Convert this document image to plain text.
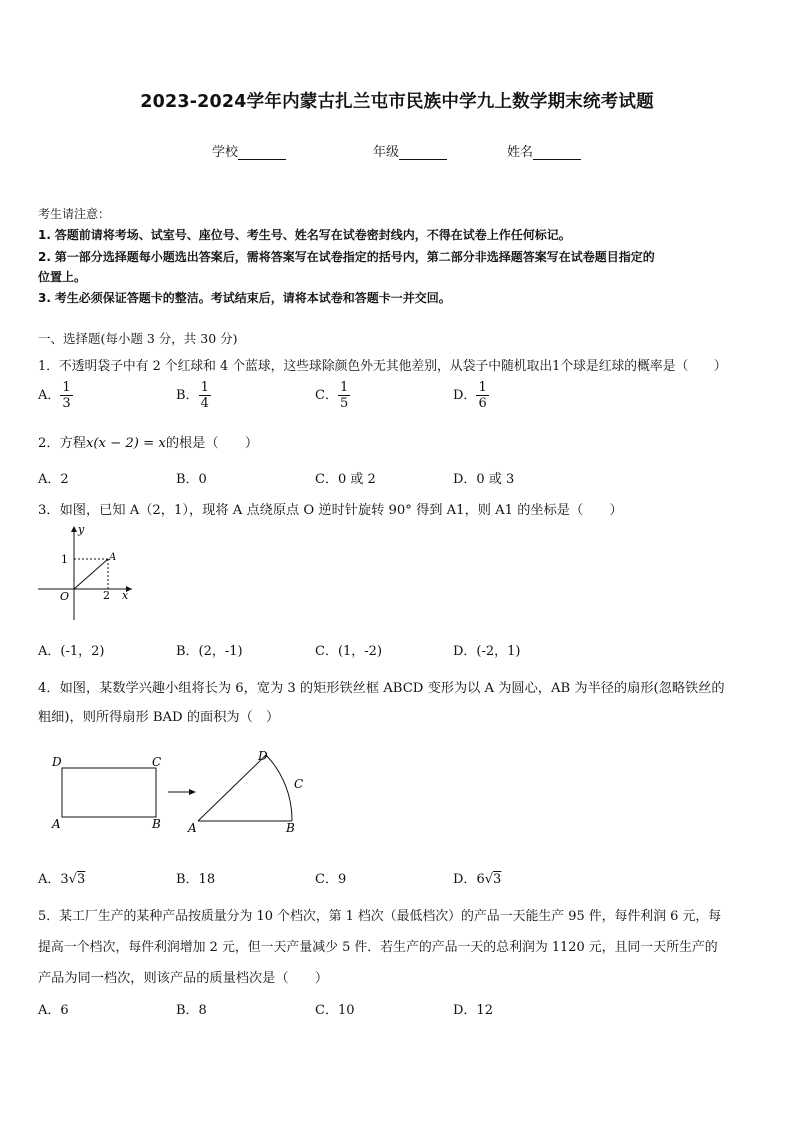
2023-2024学年内蒙古扎兰屯市民族中学九上数学期末统考试题
学校	年级	姓名
考生请注意：
1. 答题前请将考场、试室号、座位号、考生号、姓名写在试卷密封线内，不得在试卷上作任何标记。
2. 第一部分选择题每小题选出答案后，需将答案写在试卷指定的括号内，第二部分非选择题答案写在试卷题目指定的
位置上。
3. 考生必须保证答题卡的整洁。考试结束后，请将本试卷和答题卡一并交回。
一、选择题(每小题 3 分，共 30 分)
1．不透明袋子中有 2 个红球和 4 个蓝球，这些球除颜色外无其他差别，从袋子中随机取出1个球是红球的概率是（　　）
A． $\frac{1}{3}$	B． $\frac{1}{4}$	C． $\frac{1}{5}$	D． $\frac{1}{6}$
2．方程x(x − 2) = x的根是（　　）
A．2	B．0	C．0 或 2	D．0 或 3
3．如图，已知 A（2，1），现将 A 点绕原点 O 逆时针旋转 90° 得到 A1，则 A1 的坐标是（　　）
y
x
O
A
1
2
A．(-1，2)	B．(2，-1)	C．(1，-2)	D．(-2，1)
4．如图，某数学兴趣小组将长为 6，宽为 3 的矩形铁丝框 ABCD 变形为以 A 为圆心，AB 为半径的扇形(忽略铁丝的
粗细)，则所得扇形 BAD 的面积为（　）
D	C
A	B A	B
D
C
A．3√3	B．18	C．9	D．6√3
5．某工厂生产的某种产品按质量分为 10 个档次，第 1 档次（最低档次）的产品一天能生产 95 件，每件利润 6 元，每
提高一个档次，每件利润增加 2 元，但一天产量减少 5 件．若生产的产品一天的总利润为 1120 元，且同一天所生产的
产品为同一档次，则该产品的质量档次是（　　）
A．6	B．8	C．10	D．12
